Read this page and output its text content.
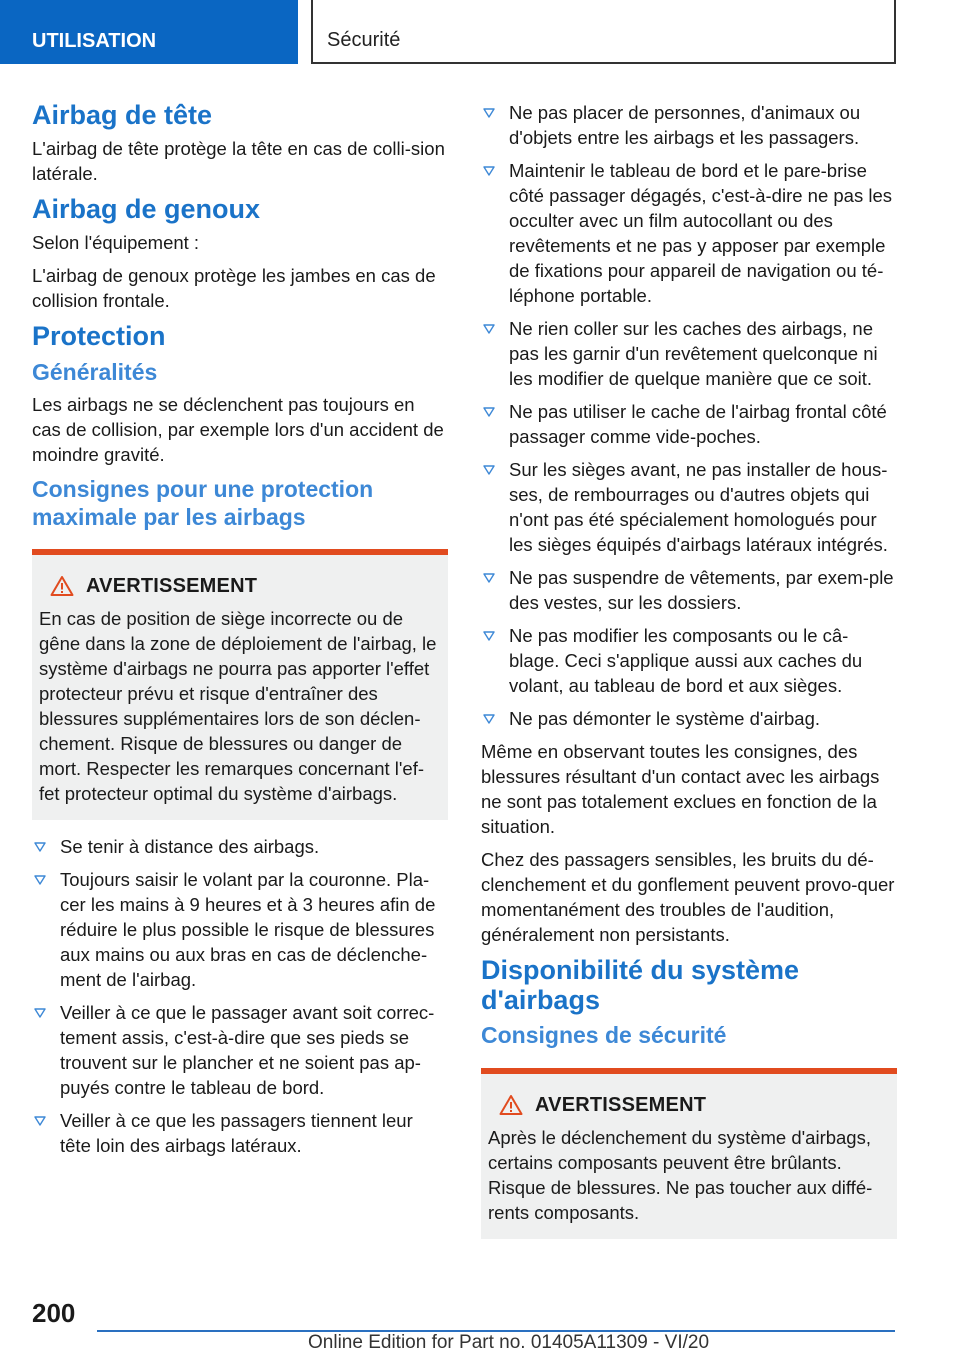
UTILISATION	Sécurité
Airbag de tête

L'airbag de tête protège la tête en cas de colli-sion latérale.

Airbag de genoux

Selon l'équipement :

L'airbag de genoux protège les jambes en cas de collision frontale.

Protection
Généralités

Les airbags ne se déclenchent pas toujours en cas de collision, par exemple lors d'un accident de moindre gravité.

Consignes pour une protection maximale par les airbags
AVERTISSEMENT

En cas de position de siège incorrecte ou de gêne dans la zone de déploiement de l'airbag, le système d'airbags ne pourra pas apporter l'effet protecteur prévu et risque d'entraîner des blessures supplémentaires lors de son déclen-chement. Risque de blessures ou danger de mort. Respecter les remarques concernant l'ef-fet protecteur optimal du système d'airbags.

Se tenir à distance des airbags.
Toujours saisir le volant par la couronne. Pla-cer les mains à 9 heures et à 3 heures afin de réduire le plus possible le risque de blessures aux mains ou aux bras en cas de déclenche-ment de l'airbag.
Veiller à ce que le passager avant soit correc-tement assis, c'est-à-dire que ses pieds se trouvent sur le plancher et ne soient pas ap-puyés contre le tableau de bord.
Veiller à ce que les passagers tiennent leur tête loin des airbags latéraux.
Ne pas placer de personnes, d'animaux ou d'objets entre les airbags et les passagers.
Maintenir le tableau de bord et le pare-brise côté passager dégagés, c'est-à-dire ne pas les occulter avec un film autocollant ou des revêtements et ne pas y apposer par exemple de fixations pour appareil de navigation ou té-léphone portable.
Ne rien coller sur les caches des airbags, ne pas les garnir d'un revêtement quelconque ni les modifier de quelque manière que ce soit.
Ne pas utiliser le cache de l'airbag frontal côté passager comme vide-poches.
Sur les sièges avant, ne pas installer de hous-ses, de rembourrages ou d'autres objets qui n'ont pas été spécialement homologués pour les sièges équipés d'airbags latéraux intégrés.
Ne pas suspendre de vêtements, par exem-ple des vestes, sur les dossiers.
Ne pas modifier les composants ou le câ-blage. Ceci s'applique aussi aux caches du volant, au tableau de bord et aux sièges.
Ne pas démonter le système d'airbag.

Même en observant toutes les consignes, des blessures résultant d'un contact avec les airbags ne sont pas totalement exclues en fonction de la situation.

Chez des passagers sensibles, les bruits du dé-clenchement et du gonflement peuvent provo-quer momentanément des troubles de l'audition, généralement non persistants.

Disponibilité du système d'airbags
Consignes de sécurité
AVERTISSEMENT

Après le déclenchement du système d'airbags, certains composants peuvent être brûlants. Risque de blessures. Ne pas toucher aux diffé-rents composants.

200
Online Edition for Part no. 01405A11309 - VI/20
